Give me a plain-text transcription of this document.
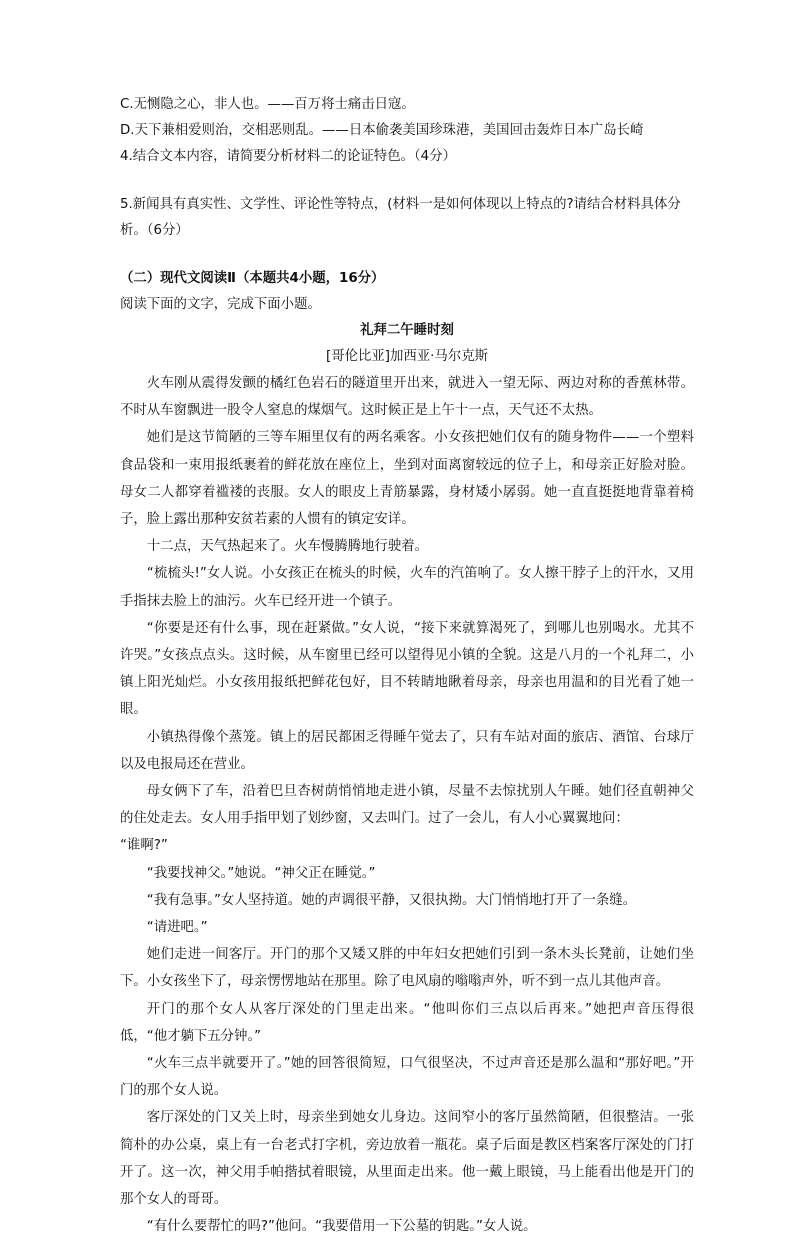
C.无恻隐之心，非人也。——百万将士痛击日寇。

D.天下兼相爱则治，交相恶则乱。——日本偷袭美国珍珠港，美国回击轰炸日本广岛长崎

4.结合文本内容，请简要分析材料二的论证特色。（4分）

5.新闻具有真实性、文学性、评论性等特点，(材料一是如何体现以上特点的?请结合材料具体分析。（6分）

（二）现代文阅读Ⅱ（本题共4小题，16分）

阅读下面的文字，完成下面小题。

礼拜二午睡时刻

[哥伦比亚]加西亚·马尔克斯

火车刚从震得发颤的橘红色岩石的隧道里开出来，就进入一望无际、两边对称的香蕉林带。不时从车窗飘进一股令人窒息的煤烟气。这时候正是上午十一点，天气还不太热。

她们是这节简陋的三等车厢里仅有的两名乘客。小女孩把她们仅有的随身物件——一个塑料食品袋和一束用报纸裹着的鲜花放在座位上，坐到对面离窗较远的位子上，和母亲正好脸对脸。母女二人都穿着褴褛的丧服。女人的眼皮上青筋暴露，身材矮小孱弱。她一直直挺挺地背靠着椅子，脸上露出那种安贫若素的人惯有的镇定安详。

十二点，天气热起来了。火车慢腾腾地行驶着。

“梳梳头!”女人说。小女孩正在梳头的时候，火车的汽笛响了。女人擦干脖子上的汗水，又用手指抹去脸上的油污。火车已经开进一个镇子。

“你要是还有什么事，现在赶紧做。”女人说，“接下来就算渴死了，到哪儿也别喝水。尤其不许哭。”女孩点点头。这时候，从车窗里已经可以望得见小镇的全貌。这是八月的一个礼拜二，小镇上阳光灿烂。小女孩用报纸把鲜花包好，目不转睛地瞅着母亲，母亲也用温和的目光看了她一眼。

小镇热得像个蒸笼。镇上的居民都困乏得睡午觉去了，只有车站对面的旅店、酒馆、台球厅以及电报局还在营业。

母女俩下了车，沿着巴旦杏树荫悄悄地走进小镇，尽量不去惊扰别人午睡。她们径直朝神父的住处走去。女人用手指甲划了划纱窗，又去叫门。过了一会儿，有人小心翼翼地问：

“谁啊?”

“我要找神父。”她说。“神父正在睡觉。”

“我有急事。”女人坚持道。她的声调很平静，又很执拗。大门悄悄地打开了一条缝。

“请进吧。”

她们走进一间客厅。开门的那个又矮又胖的中年妇女把她们引到一条木头长凳前，让她们坐下。小女孩坐下了，母亲愣愣地站在那里。除了电风扇的嗡嗡声外，听不到一点儿其他声音。

开门的那个女人从客厅深处的门里走出来。“他叫你们三点以后再来。”她把声音压得很低，“他才躺下五分钟。”

“火车三点半就要开了。”她的回答很简短，口气很坚决，不过声音还是那么温和“那好吧。”开门的那个女人说。

客厅深处的门又关上时，母亲坐到她女儿身边。这间窄小的客厅虽然简陋，但很整洁。一张简朴的办公桌，桌上有一台老式打字机，旁边放着一瓶花。桌子后面是教区档案客厅深处的门打开了。这一次，神父用手帕揩拭着眼镜，从里面走出来。他一戴上眼镜，马上能看出他是开门的那个女人的哥哥。

“有什么要帮忙的吗?”他问。“我要借用一下公墓的钥匙。”女人说。
